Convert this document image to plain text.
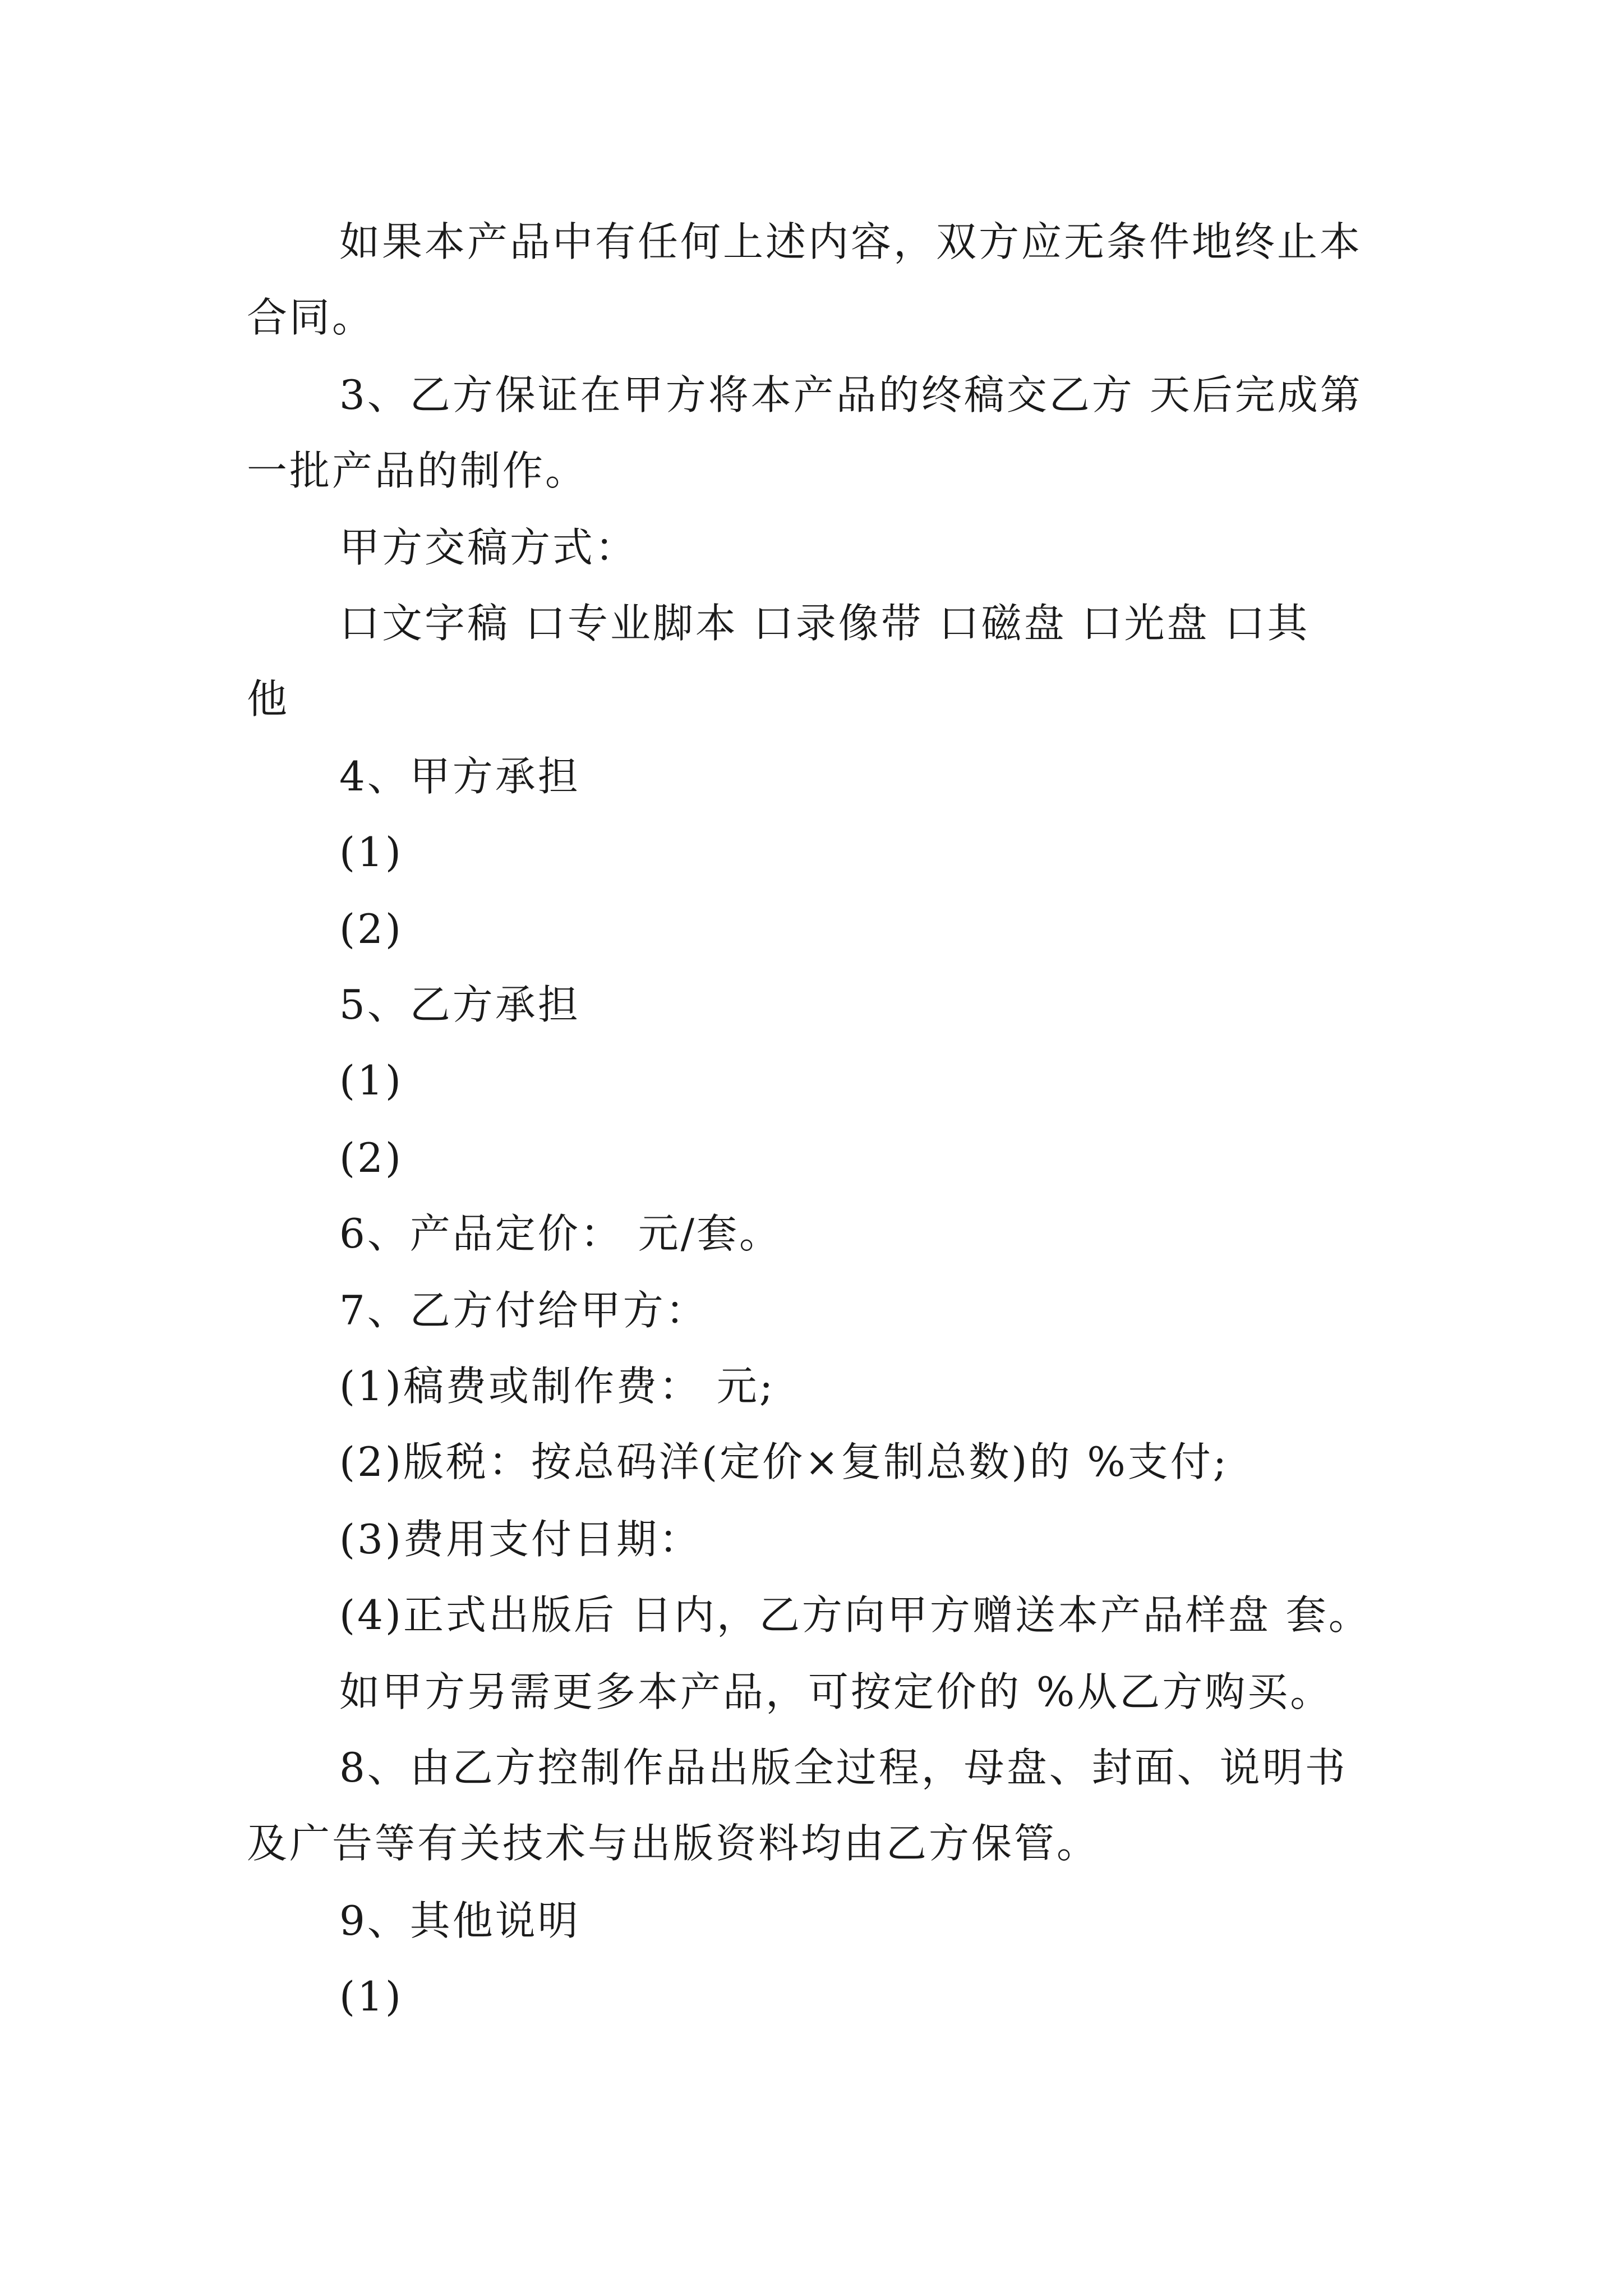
如果本产品中有任何上述内容，双方应无条件地终止本
合同。
3、乙方保证在甲方将本产品的终稿交乙方 天后完成第
一批产品的制作。
甲方交稿方式：
口文字稿 口专业脚本 口录像带 口磁盘 口光盘 口其
他
4、甲方承担
(1)
(2)
5、乙方承担
(1)
(2)
6、产品定价： 元/套。
7、乙方付给甲方：
(1)稿费或制作费： 元;
(2)版税：按总码洋(定价×复制总数)的 %支付;
(3)费用支付日期：
(4)正式出版后 日内，乙方向甲方赠送本产品样盘 套。
如甲方另需更多本产品，可按定价的 %从乙方购买。
8、由乙方控制作品出版全过程，母盘、封面、说明书
及广告等有关技术与出版资料均由乙方保管。
9、其他说明
(1)
